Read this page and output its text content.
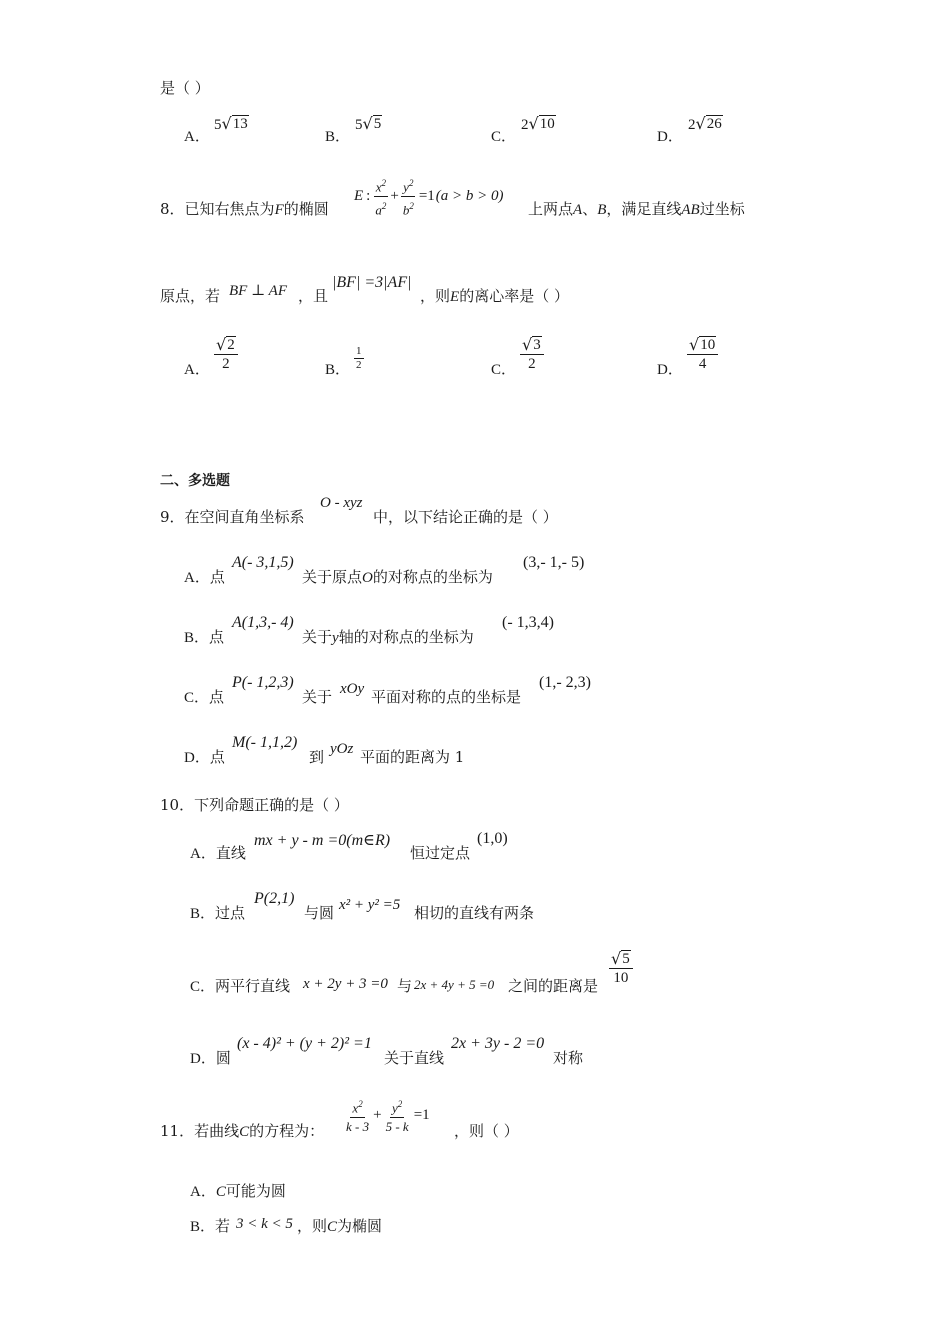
是（ ）
A．
5 √ 13
B．
5 √ 5
C．
2 √ 10
D．
2 √ 26
8．已知右焦点为F的椭圆
E : $\frac{x^2}{a^2} + \frac{y^2}{b^2} =1$ (a > b > 0)
上两点A、B，满足直线AB过坐标
原点，若 BF ⊥ AF ，且
|BF| =3|AF|
，则E的离心率是（ ）
A． $\frac{√ 2}{2}$	B． $\frac{1}{2}$	C． $\frac{√ 3}{2}$	D． $\frac{√ 10}{4}$
二、多选题
9．在空间直角坐标系
O - xyz
中，以下结论正确的是（ ）
A．点
A(- 3,1,5)
关于原点O的对称点的坐标为
(3,- 1,- 5)
B．点
A(1,3,- 4)
关于y轴的对称点的坐标为
(- 1,3,4)
C．点
P(- 1,2,3)
关于 xOy 平面对称的点的坐标是
(1,- 2,3)
D．点
M(- 1,1,2)
到 yOz 平面的距离为 1
10．下列命题正确的是（ ）
A．直线
mx + y - m =0(m∈R)
恒过定点
(1,0)
B．过点
P(2,1)
与圆 x² + y² =5 相切的直线有两条
C．两平行直线 x + 2y + 3 =0 与 2x + 4y + 5 =0 之间的距离是 $\frac{√ 5}{10}$
D．圆
(x - 4)² + (y + 2)² =1
关于直线
2x + 3y - 2 =0
对称
11．若曲线C的方程为： $\frac{x^2}{k - 3} + \frac{y^2}{5 - k} =1$
，则（ ）
A．C可能为圆
B．若 3 < k < 5 ，则C为椭圆
